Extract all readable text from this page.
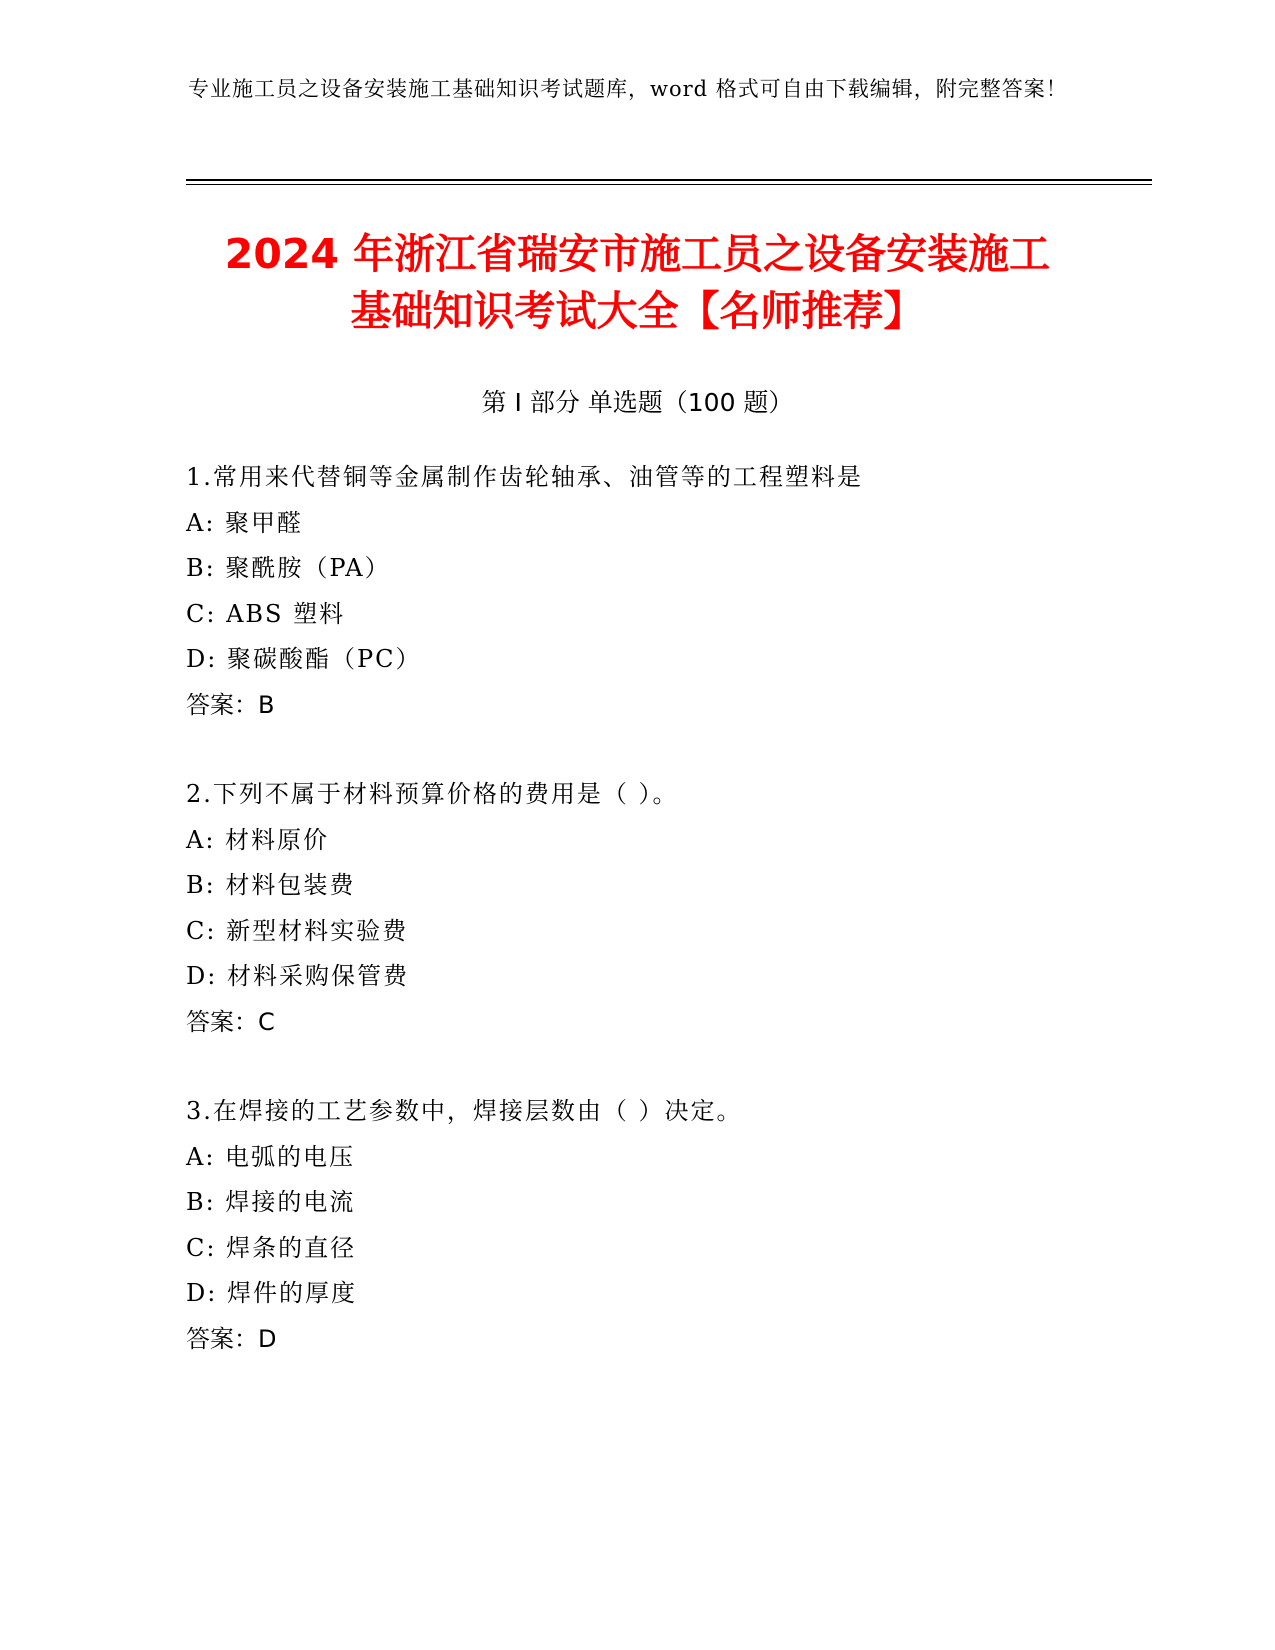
专业施工员之设备安装施工基础知识考试题库，word 格式可自由下载编辑，附完整答案！
2024 年浙江省瑞安市施工员之设备安装施工
基础知识考试大全【名师推荐】
第 I 部分 单选题（100 题）
1.常用来代替铜等金属制作齿轮轴承、油管等的工程塑料是
A: 聚甲醛
B: 聚酰胺（PA）
C: ABS 塑料
D: 聚碳酸酯（PC）
答案：B
2.下列不属于材料预算价格的费用是（ ）。
A: 材料原价
B: 材料包装费
C: 新型材料实验费
D: 材料采购保管费
答案：C
3.在焊接的工艺参数中，焊接层数由（ ）决定。
A: 电弧的电压
B: 焊接的电流
C: 焊条的直径
D: 焊件的厚度
答案：D
